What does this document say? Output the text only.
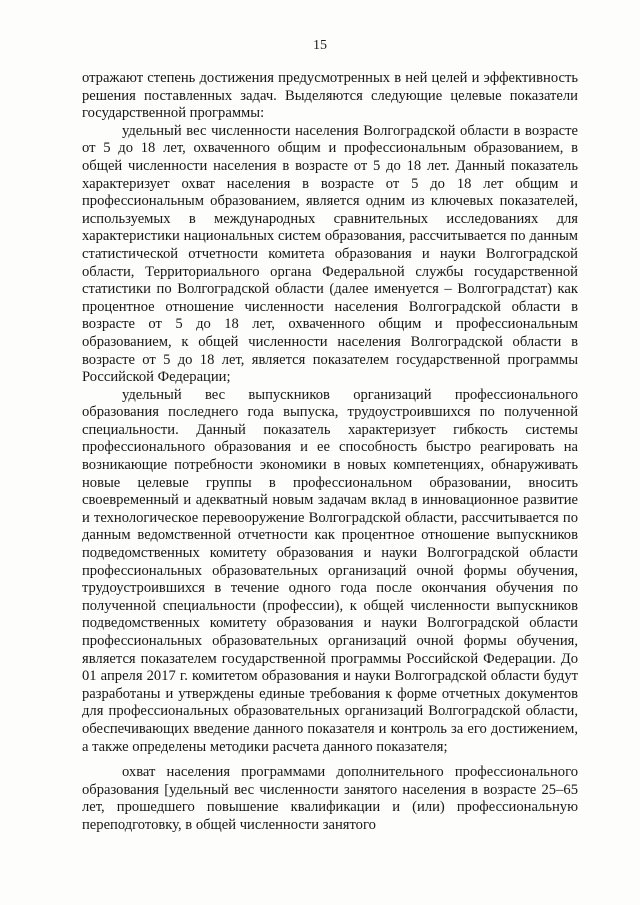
15

отражают степень достижения предусмотренных в ней целей и эффективность решения поставленных задач. Выделяются следующие целевые показатели государственной программы:

удельный вес численности населения Волгоградской области в возрасте от 5 до 18 лет, охваченного общим и профессиональным образованием, в общей численности населения в возрасте от 5 до 18 лет. Данный показатель характеризует охват населения в возрасте от 5 до 18 лет общим и профессиональным образованием, является одним из ключевых показателей, используемых в международных сравнительных исследованиях для характеристики национальных систем образования, рассчитывается по данным статистической отчетности комитета образования и науки Волгоградской области, Территориального органа Федеральной службы государственной статистики по Волгоградской области (далее именуется – Волгоградстат) как процентное отношение численности населения Волгоградской области в возрасте от 5 до 18 лет, охваченного общим и профессиональным образованием, к общей численности населения Волгоградской области в возрасте от 5 до 18 лет, является показателем государственной программы Российской Федерации;

удельный вес выпускников организаций профессионального образования последнего года выпуска, трудоустроившихся по полученной специальности. Данный показатель характеризует гибкость системы профессионального образования и ее способность быстро реагировать на возникающие потребности экономики в новых компетенциях, обнаруживать новые целевые группы в профессиональном образовании, вносить своевременный и адекватный новым задачам вклад в инновационное развитие и технологическое перевооружение Волгоградской области, рассчитывается по данным ведомственной отчетности как процентное отношение выпускников подведомственных комитету образования и науки Волгоградской области профессиональных образовательных организаций очной формы обучения, трудоустроившихся в течение одного года после окончания обучения по полученной специальности (профессии), к общей численности выпускников подведомственных комитету образования и науки Волгоградской области профессиональных образовательных организаций очной формы обучения, является показателем государственной программы Российской Федерации. До 01 апреля 2017 г. комитетом образования и науки Волгоградской области будут разработаны и утверждены единые требования к форме отчетных документов для профессиональных образовательных организаций Волгоградской области, обеспечивающих введение данного показателя и контроль за его достижением, а также определены методики расчета данного показателя;

охват населения программами дополнительного профессионального образования [удельный вес численности занятого населения в возрасте 25–65 лет, прошедшего повышение квалификации и (или) профессиональную переподготовку, в общей численности занятого
